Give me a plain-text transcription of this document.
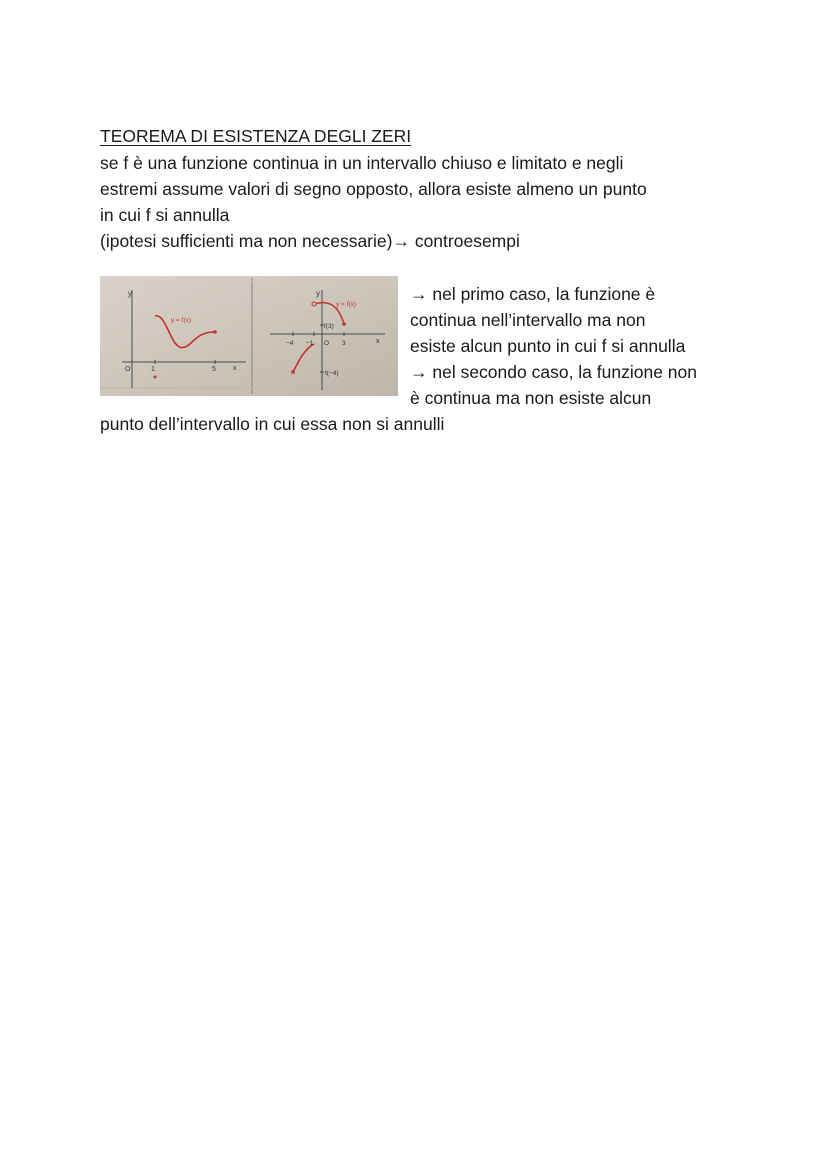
TEOREMA DI ESISTENZA DEGLI ZERI
se f è una funzione continua in un intervallo chiuso e limitato e negli
estremi assume valori di segno opposto, allora esiste almeno un punto
in cui f si annulla
(ipotesi sufficienti ma non necessarie)→ controesempi
y
y = f(x)
O	1	5 x
y
y = f(x)
f(3)
−4 −1 O 3	x
f(−4)
→ nel primo caso, la funzione è
continua nell’intervallo ma non
esiste alcun punto in cui f si annulla
→ nel secondo caso, la funzione non
è continua ma non esiste alcun
punto dell’intervallo in cui essa non si annulli
